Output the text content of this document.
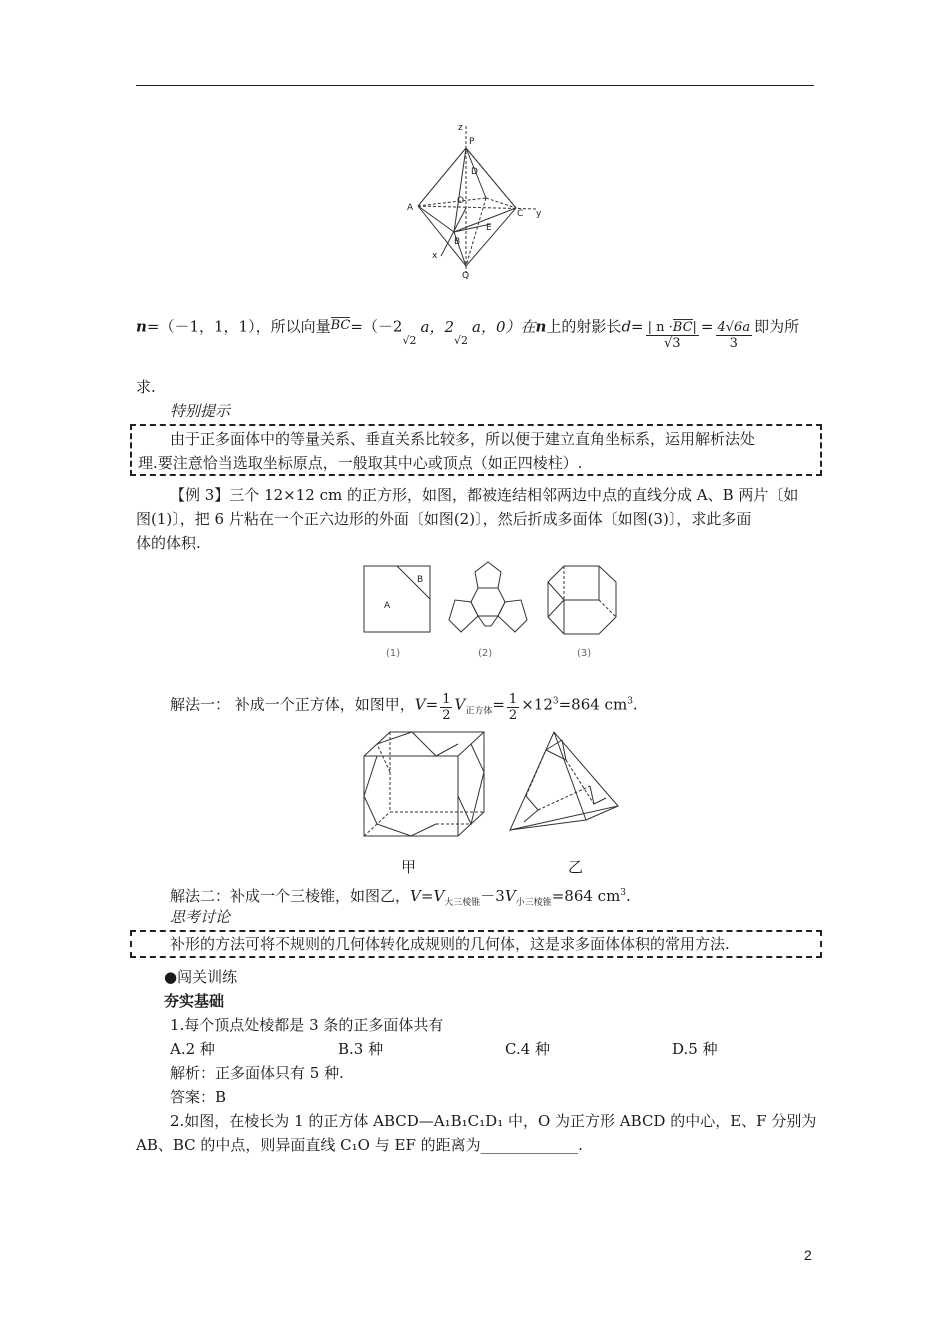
z
P
D
O
A
C y
E
B
x
Q
n=（－1，1，1），所以向量$BC=(-2_{√2}a$，$2_{√2}a$，0）在n上的射影长$d= \frac{| n \cdot BC|}{√3} = \frac{4√6a}{3}$ 即为所
求.
特别提示
由于正多面体中的等量关系、垂直关系比较多，所以便于建立直角坐标系，运用解析法处
理.要注意恰当选取坐标原点，一般取其中心或顶点（如正四棱柱）.
【例 3】三个 12×12 cm 的正方形，如图，都被连结相邻两边中点的直线分成 A、B 两片〔如
图(1)〕，把 6 片粘在一个正六边形的外面〔如图(2)〕，然后折成多面体〔如图(3)〕，求此多面
体的体积.
A
B
(1)	(2)	(3)
解法一： 补成一个正方体，如图甲，$V= \frac{1}{2} V_{正方体}= \frac{1}{2} \times 12^3=864$ $cm^3$.
甲	乙
解法二：补成一个三棱锥，如图乙，$V=V_{大三棱锥}-3V_{小三棱锥}=864$ $cm^3$.
思考讨论
补形的方法可将不规则的几何体转化成规则的几何体，这是求多面体体积的常用方法.
●闯关训练
夯实基础
1.每个顶点处棱都是 3 条的正多面体共有
A.2 种	B.3 种	C.4 种	D.5 种
解析：正多面体只有 5 种.
答案：B
2.如图，在棱长为 1 的正方体 ABCD—A₁B₁C₁D₁ 中，O 为正方形 ABCD 的中心，E、F 分别为
AB、BC 的中点，则异面直线 C₁O 与 EF 的距离为_____________.
2
